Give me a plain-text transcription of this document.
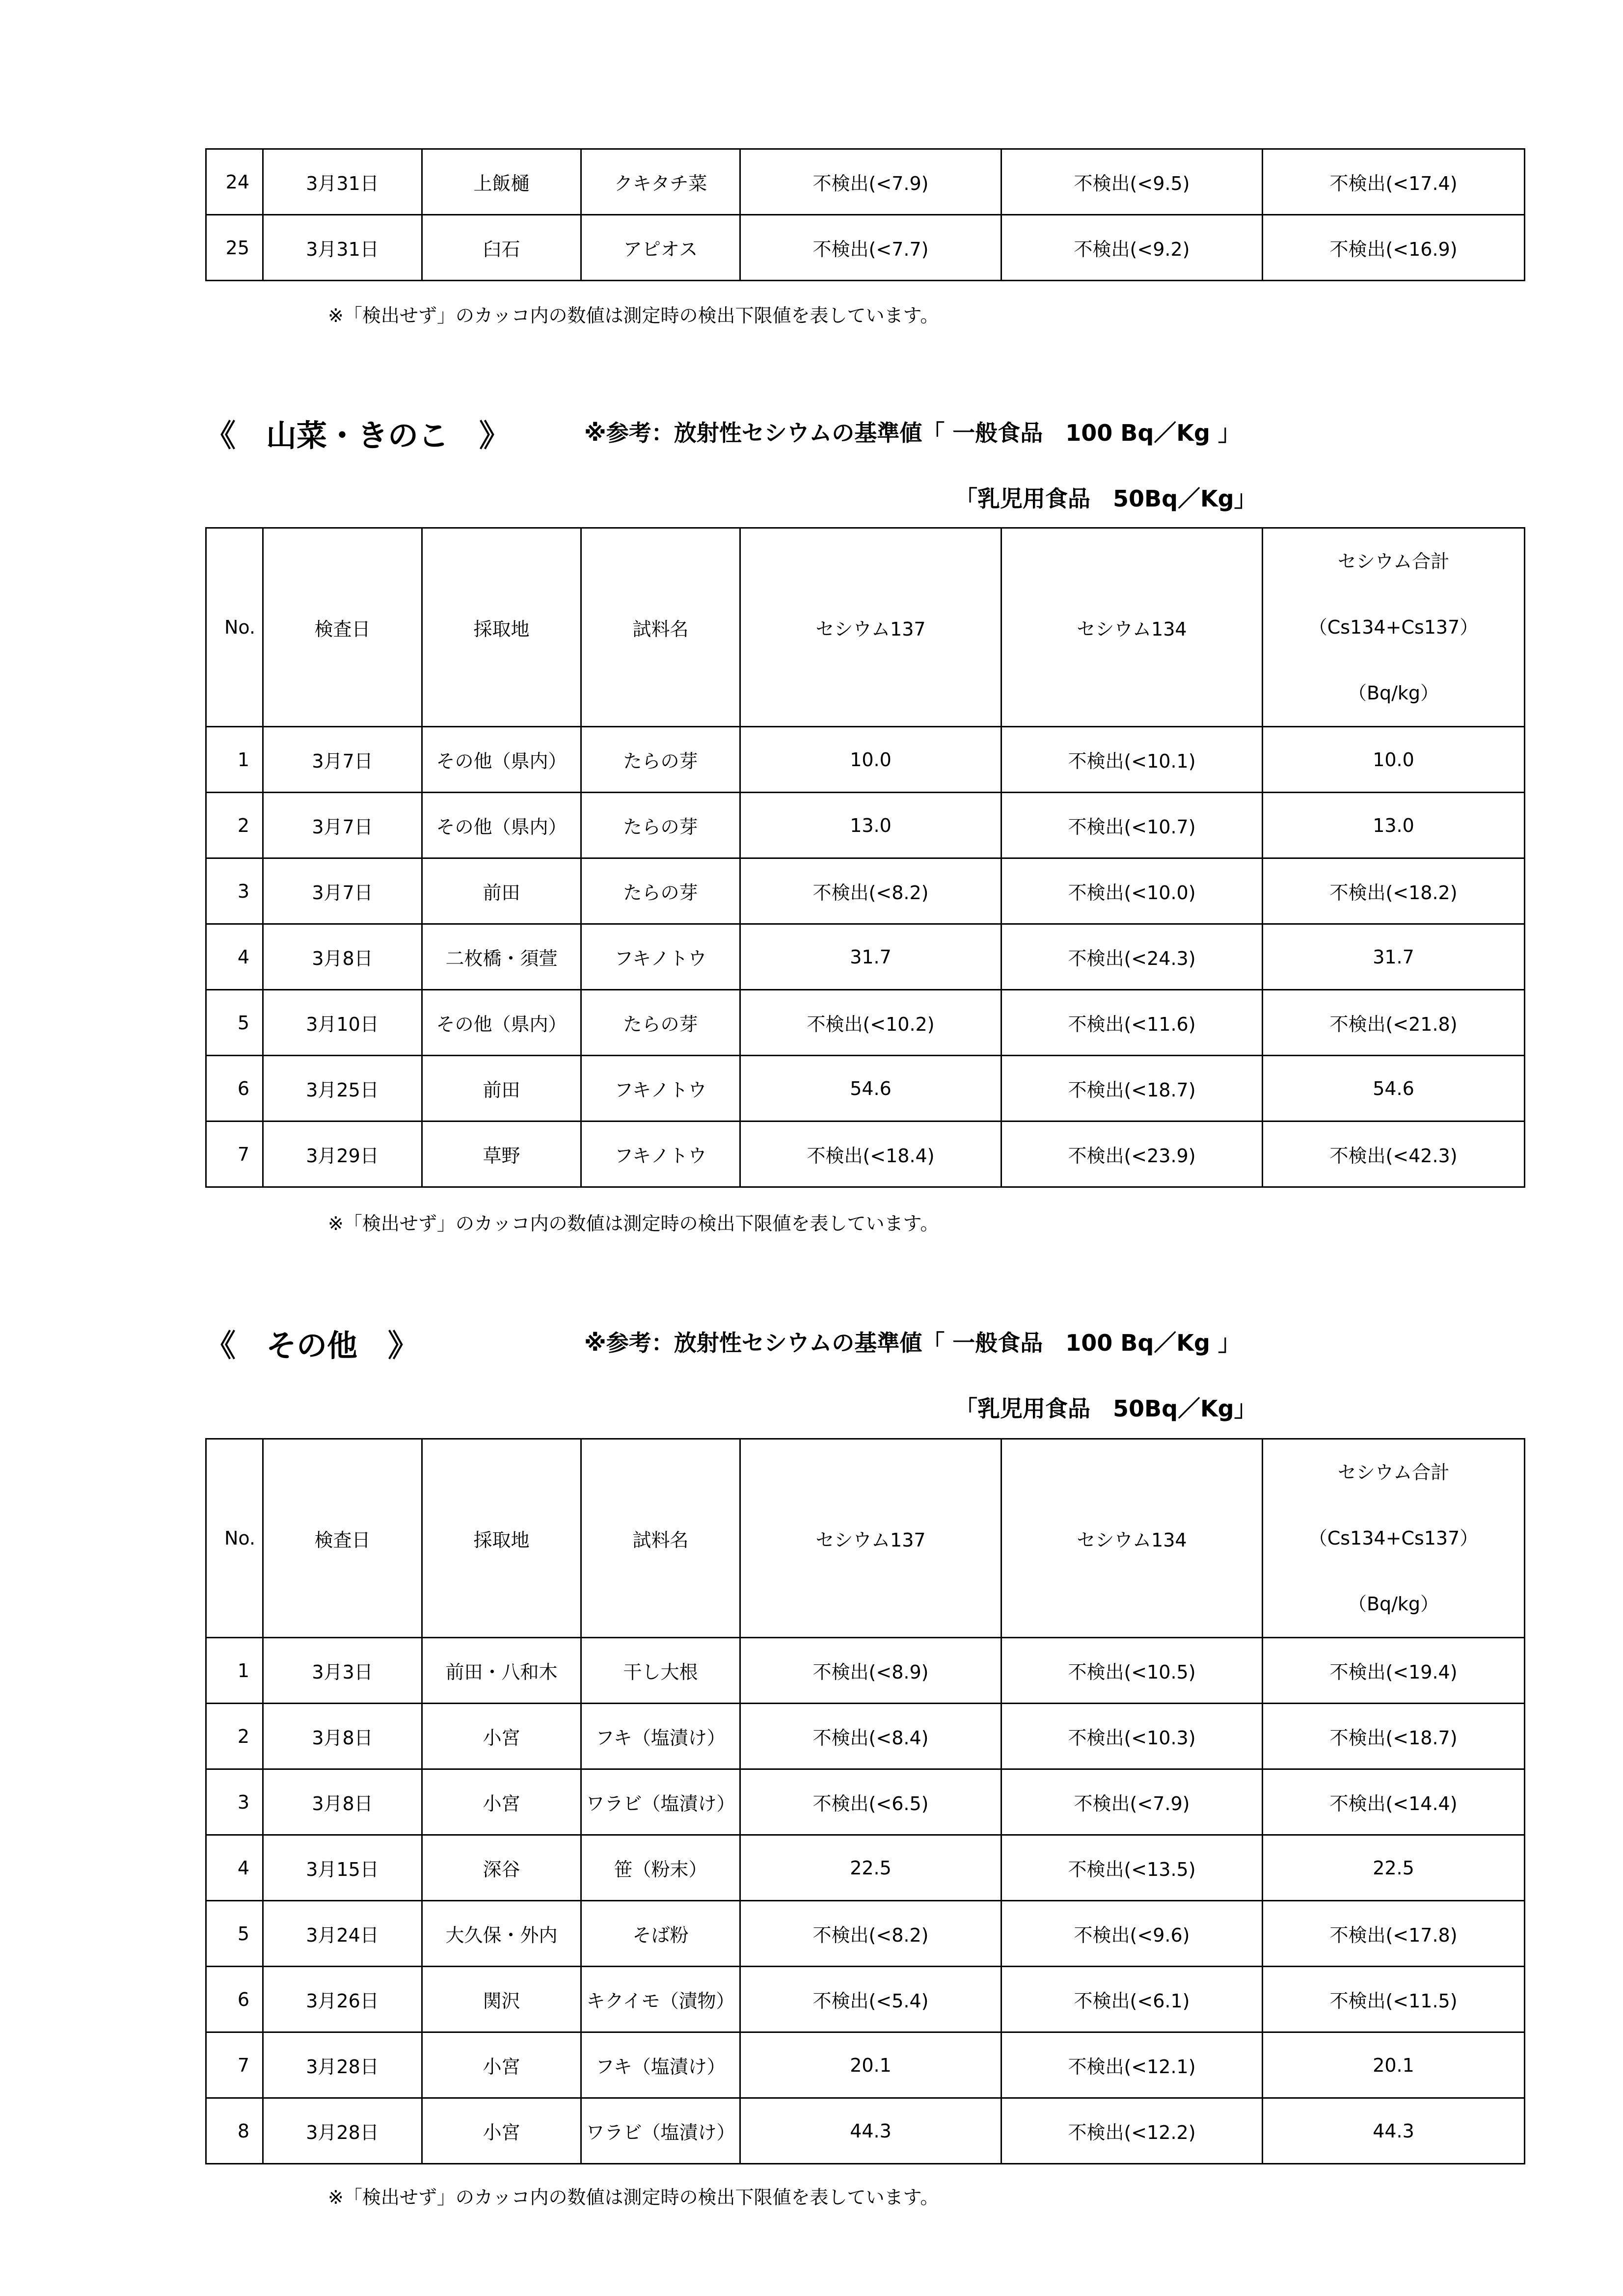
24	3月31日	上飯樋	クキタチ菜	不検出(<7.9)	不検出(<9.5)	不検出(<17.4)
25	3月31日	臼石	アピオス	不検出(<7.7)	不検出(<9.2)	不検出(<16.9)
※「検出せず」のカッコ内の数値は測定時の検出下限値を表しています。
《　山菜・きのこ　》	※参考：放射性セシウムの基準値「 一般食品　100 Bq／Kg 」
「乳児用食品　50Bq／Kg」
No.	検査日	採取地	試料名	セシウム137	セシウム134	セシウム合計
（Cs134+Cs137）
（Bq/kg）

1	3月7日	その他（県内）	たらの芽	10.0	不検出(<10.1)	10.0
2	3月7日	その他（県内）	たらの芽	13.0	不検出(<10.7)	13.0
3	3月7日	前田	たらの芽	不検出(<8.2)	不検出(<10.0)	不検出(<18.2)
4	3月8日	二枚橋・須萱	フキノトウ	31.7	不検出(<24.3)	31.7
5	3月10日	その他（県内）	たらの芽	不検出(<10.2)	不検出(<11.6)	不検出(<21.8)
6	3月25日	前田	フキノトウ	54.6	不検出(<18.7)	54.6
7	3月29日	草野	フキノトウ	不検出(<18.4)	不検出(<23.9)	不検出(<42.3)
※「検出せず」のカッコ内の数値は測定時の検出下限値を表しています。
《　その他　》	※参考：放射性セシウムの基準値「 一般食品　100 Bq／Kg 」
「乳児用食品　50Bq／Kg」
No.	検査日	採取地	試料名	セシウム137	セシウム134	セシウム合計
（Cs134+Cs137）
（Bq/kg）

1	3月3日	前田・八和木	干し大根	不検出(<8.9)	不検出(<10.5)	不検出(<19.4)
2	3月8日	小宮	フキ（塩漬け）	不検出(<8.4)	不検出(<10.3)	不検出(<18.7)
3	3月8日	小宮	ワラビ（塩漬け）	不検出(<6.5)	不検出(<7.9)	不検出(<14.4)
4	3月15日	深谷	笹（粉末）	22.5	不検出(<13.5)	22.5
5	3月24日	大久保・外内	そば粉	不検出(<8.2)	不検出(<9.6)	不検出(<17.8)
6	3月26日	関沢	キクイモ（漬物）	不検出(<5.4)	不検出(<6.1)	不検出(<11.5)
7	3月28日	小宮	フキ（塩漬け）	20.1	不検出(<12.1)	20.1
8	3月28日	小宮	ワラビ（塩漬け）	44.3	不検出(<12.2)	44.3
※「検出せず」のカッコ内の数値は測定時の検出下限値を表しています。
